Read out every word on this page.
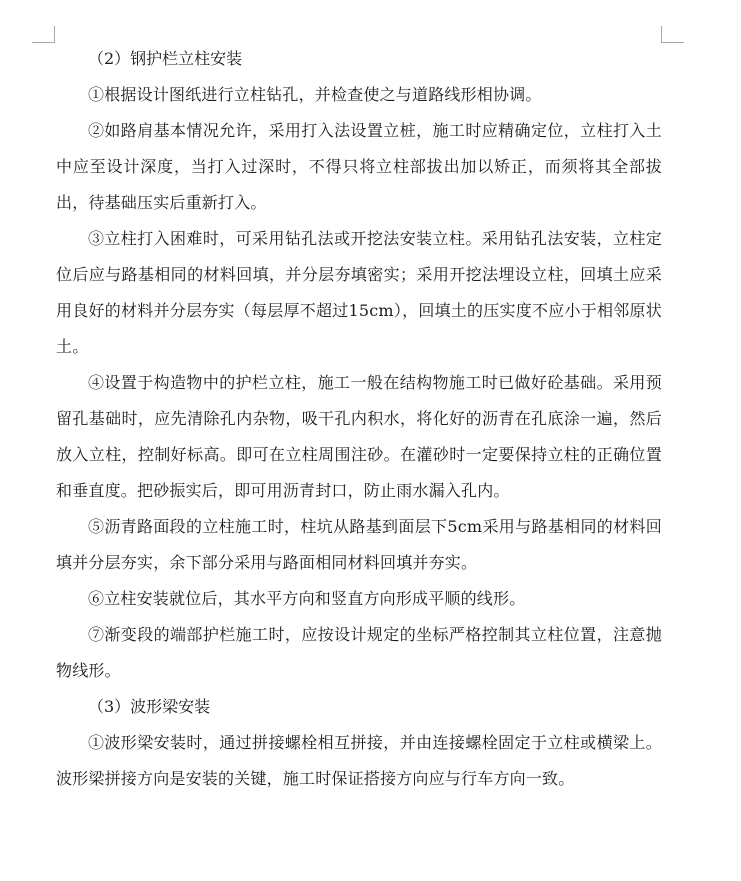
（2）钢护栏立柱安装

①根据设计图纸进行立柱钻孔，并检查使之与道路线形相协调。

②如路肩基本情况允许，采用打入法设置立桩，施工时应精确定位，立柱打入土中应至设计深度，当打入过深时，不得只将立柱部拔出加以矫正，而须将其全部拔出，待基础压实后重新打入。

③立柱打入困难时，可采用钻孔法或开挖法安装立柱。采用钻孔法安装，立柱定位后应与路基相同的材料回填，并分层夯填密实；采用开挖法埋设立柱，回填土应采用良好的材料并分层夯实（每层厚不超过15cm），回填土的压实度不应小于相邻原状土。

④设置于构造物中的护栏立柱，施工一般在结构物施工时已做好砼基础。采用预留孔基础时，应先清除孔内杂物，吸干孔内积水，将化好的沥青在孔底涂一遍，然后放入立柱，控制好标高。即可在立柱周围注砂。在灌砂时一定要保持立柱的正确位置和垂直度。把砂振实后，即可用沥青封口，防止雨水漏入孔内。

⑤沥青路面段的立柱施工时，柱坑从路基到面层下5cm采用与路基相同的材料回填并分层夯实，余下部分采用与路面相同材料回填并夯实。

⑥立柱安装就位后，其水平方向和竖直方向形成平顺的线形。

⑦渐变段的端部护栏施工时，应按设计规定的坐标严格控制其立柱位置，注意抛物线形。

（3）波形梁安装

①波形梁安装时，通过拼接螺栓相互拼接，并由连接螺栓固定于立柱或横梁上。波形梁拼接方向是安装的关键，施工时保证搭接方向应与行车方向一致。
